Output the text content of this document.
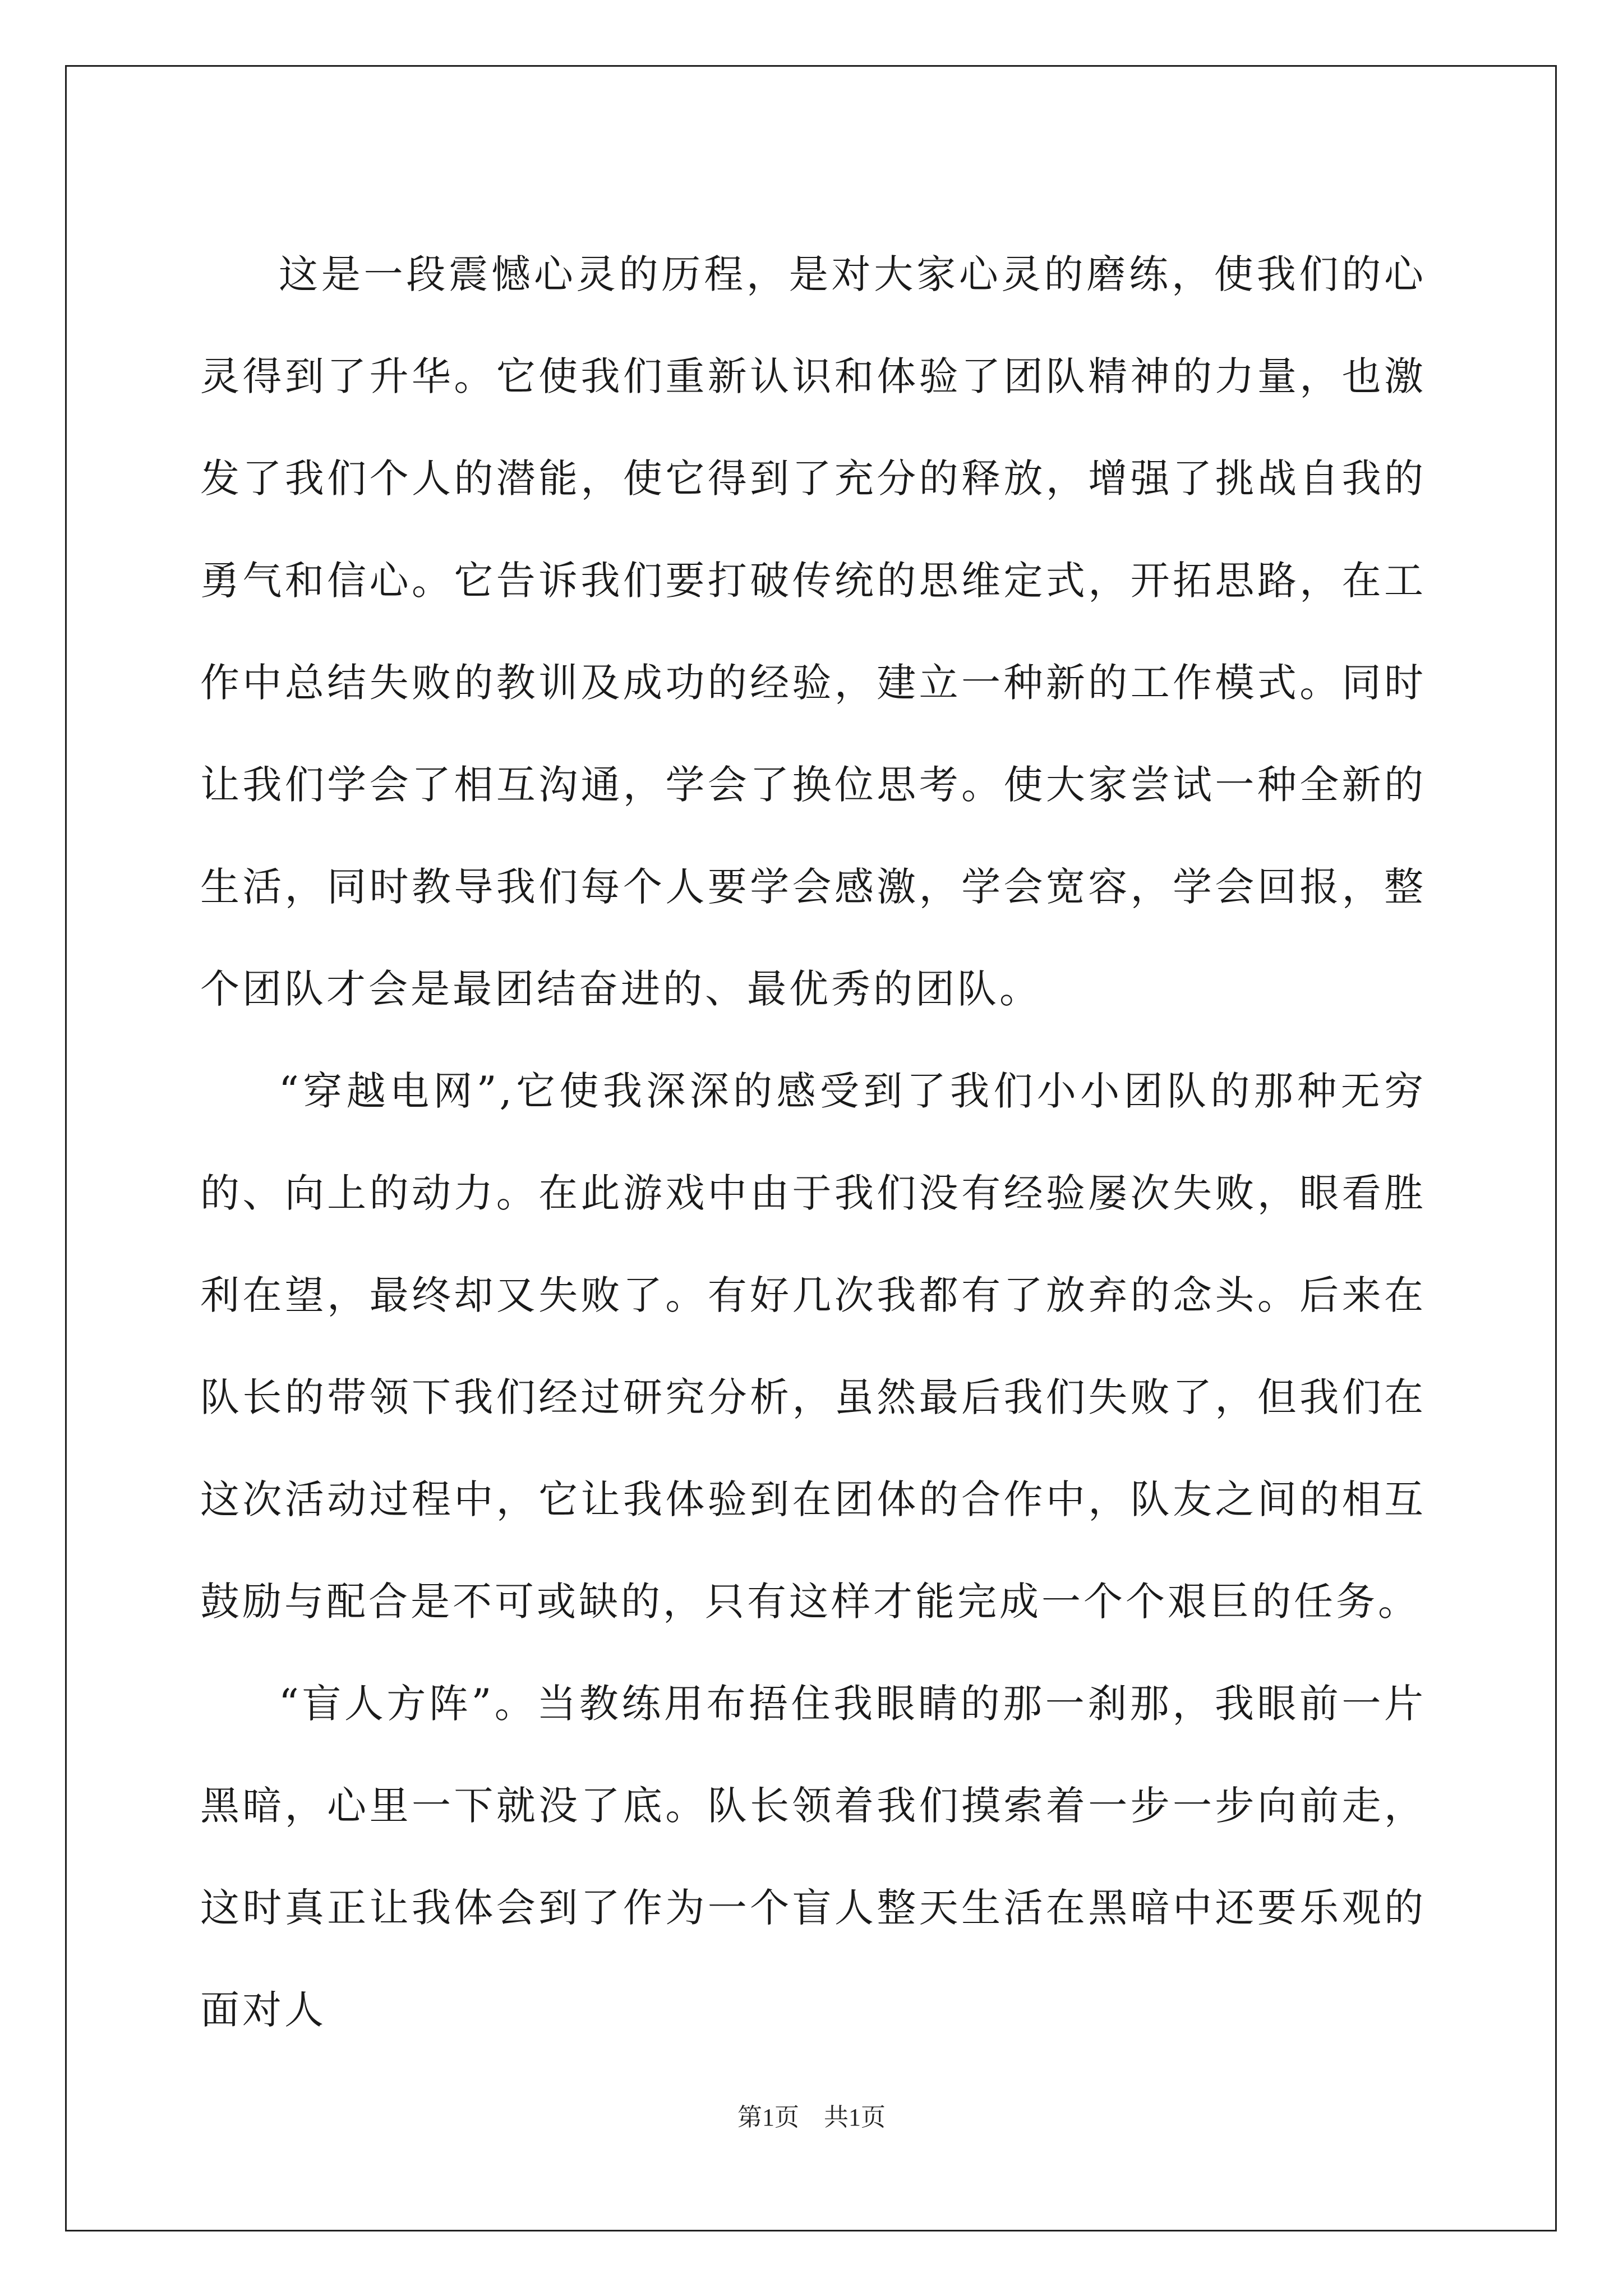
这是一段震憾心灵的历程，是对大家心灵的磨练，使我们的心灵得到了升华。它使我们重新认识和体验了团队精神的力量，也激发了我们个人的潜能，使它得到了充分的释放，增强了挑战自我的勇气和信心。它告诉我们要打破传统的思维定式，开拓思路，在工作中总结失败的教训及成功的经验，建立一种新的工作模式。同时让我们学会了相互沟通，学会了换位思考。使大家尝试一种全新的生活，同时教导我们每个人要学会感激，学会宽容，学会回报，整个团队才会是最团结奋进的、最优秀的团队。

“穿越电网”,它使我深深的感受到了我们小小团队的那种无穷的、向上的动力。在此游戏中由于我们没有经验屡次失败，眼看胜利在望，最终却又失败了。有好几次我都有了放弃的念头。后来在队长的带领下我们经过研究分析，虽然最后我们失败了，但我们在这次活动过程中，它让我体验到在团体的合作中，队友之间的相互鼓励与配合是不可或缺的，只有这样才能完成一个个艰巨的任务。

“盲人方阵”。当教练用布捂住我眼睛的那一刹那，我眼前一片黑暗，心里一下就没了底。队长领着我们摸索着一步一步向前走，这时真正让我体会到了作为一个盲人整天生活在黑暗中还要乐观的面对人

第1页 共1页
